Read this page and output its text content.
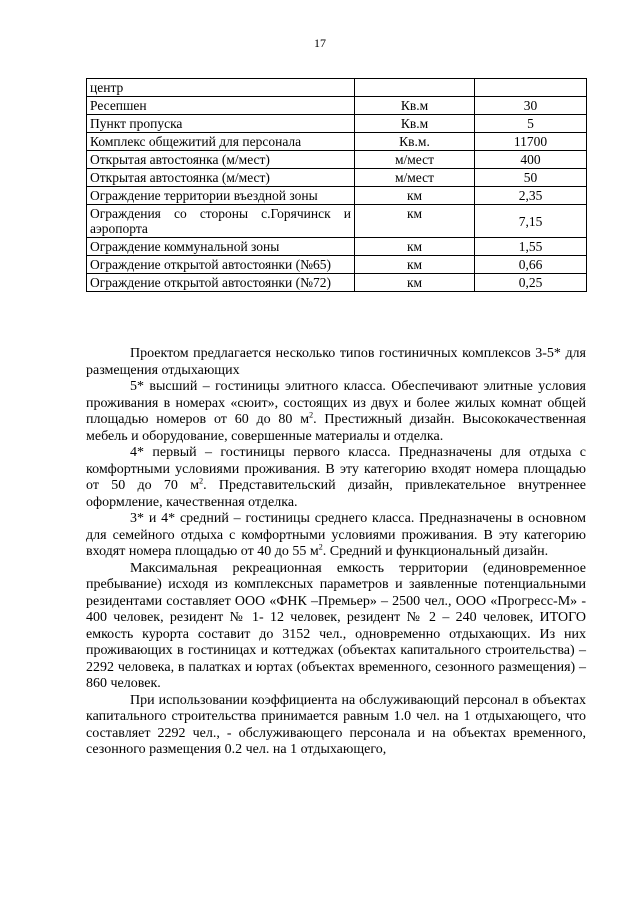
17
центр		
Ресепшен	Кв.м	30
Пункт пропуска	Кв.м	5
Комплекс общежитий для персонала	Кв.м.	11700
Открытая автостоянка (м/мест)	м/мест	400
Открытая автостоянка (м/мест)	м/мест	50
Ограждение территории въездной зоны	км	2,35
Ограждения со стороны с.Горячинск и аэропорта	км	7,15
Ограждение коммунальной зоны	км	1,55
Ограждение открытой автостоянки (№65)	км	0,66
Ограждение открытой автостоянки (№72)	км	0,25

Проектом предлагается несколько типов гостиничных комплексов 3-5* для размещения отдыхающих

5* высший – гостиницы элитного класса. Обеспечивают элитные условия проживания в номерах «сюит», состоящих из двух и более жилых комнат общей площадью номеров от 60 до 80 $м^2$. Престижный дизайн. Высококачественная мебель и оборудование, совершенные материалы и отделка.

4* первый – гостиницы первого класса. Предназначены для отдыха с комфортными условиями проживания. В эту категорию входят номера площадью от 50 до 70 $м^2$. Представительский дизайн, привлекательное внутреннее оформление, качественная отделка.

3* и 4* средний – гостиницы среднего класса. Предназначены в основном для семейного отдыха с комфортными условиями проживания. В эту категорию входят номера площадью от 40 до 55 $м^2$. Средний и функциональный дизайн.

Максимальная рекреационная емкость территории (единовременное пребывание) исходя из комплексных параметров и заявленные потенциальными резидентами составляет ООО «ФНК –Премьер» – 2500 чел., ООО «Прогресс-М» - 400 человек, резидент № 1- 12 человек, резидент № 2 – 240 человек, ИТОГО емкость курорта составит до 3152 чел., одновременно отдыхающих. Из них проживающих в гостиницах и коттеджах (объектах капитального строительства) – 2292 человека, в палатках и юртах (объектах временного, сезонного размещения) – 860 человек.

При использовании коэффициента на обслуживающий персонал в объектах капитального строительства принимается равным 1.0 чел. на 1 отдыхающего, что составляет 2292 чел., - обслуживающего персонала и на объектах временного, сезонного размещения 0.2 чел. на 1 отдыхающего,
